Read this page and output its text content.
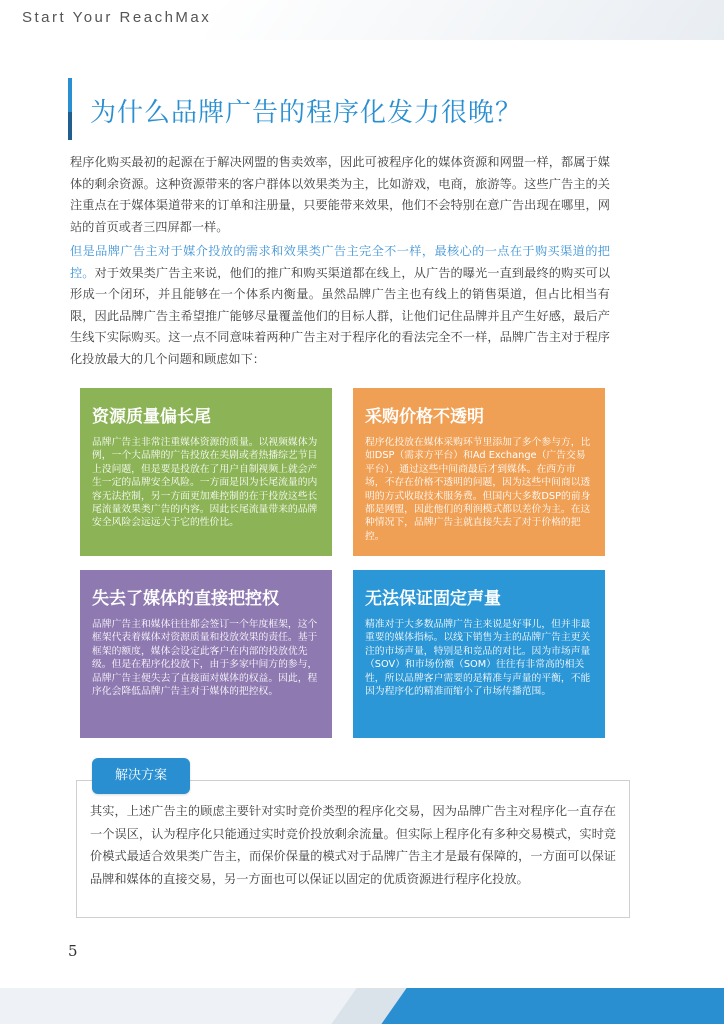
Start Your ReachMax
为什么品牌广告的程序化发力很晚？

程序化购买最初的起源在于解决网盟的售卖效率，因此可被程序化的媒体资源和网盟一样，都属于媒体的剩余资源。这种资源带来的客户群体以效果类为主，比如游戏，电商，旅游等。这些广告主的关注重点在于媒体渠道带来的订单和注册量，只要能带来效果，他们不会特别在意广告出现在哪里，网站的首页或者三四屏都一样。

但是品牌广告主对于媒介投放的需求和效果类广告主完全不一样，最核心的一点在于购买渠道的把控。对于效果类广告主来说，他们的推广和购买渠道都在线上，从广告的曝光一直到最终的购买可以形成一个闭环，并且能够在一个体系内衡量。虽然品牌广告主也有线上的销售渠道，但占比相当有限，因此品牌广告主希望推广能够尽量覆盖他们的目标人群，让他们记住品牌并且产生好感，最后产生线下实际购买。这一点不同意味着两种广告主对于程序化的看法完全不一样，品牌广告主对于程序化投放最大的几个问题和顾虑如下：

资源质量偏长尾

品牌广告主非常注重媒体资源的质量。以视频媒体为例，一个大品牌的广告投放在美剧或者热播综艺节目上没问题，但是要是投放在了用户自制视频上就会产生一定的品牌安全风险。一方面是因为长尾流量的内容无法控制，另一方面更加难控制的在于投放这些长尾流量效果类广告的内容。因此长尾流量带来的品牌安全风险会远远大于它的性价比。

采购价格不透明

程序化投放在媒体采购环节里添加了多个参与方，比如DSP（需求方平台）和Ad Exchange（广告交易平台），通过这些中间商最后才到媒体。在西方市场，不存在价格不透明的问题，因为这些中间商以透明的方式收取技术服务费。但国内大多数DSP的前身都是网盟，因此他们的利润模式都以差价为主。在这种情况下，品牌广告主就直接失去了对于价格的把控。

失去了媒体的直接把控权

品牌广告主和媒体往往都会签订一个年度框架，这个框架代表着媒体对资源质量和投放效果的责任。基于框架的额度，媒体会设定此客户在内部的投放优先级。但是在程序化投放下，由于多家中间方的参与，品牌广告主便失去了直接面对媒体的权益。因此，程序化会降低品牌广告主对于媒体的把控权。

无法保证固定声量

精准对于大多数品牌广告主来说是好事儿，但并非最重要的媒体指标。以线下销售为主的品牌广告主更关注的市场声量，特别是和竞品的对比。因为市场声量（SOV）和市场份额（SOM）往往有非常高的相关性，所以品牌客户需要的是精准与声量的平衡，不能因为程序化的精准而缩小了市场传播范围。

解决方案

其实，上述广告主的顾虑主要针对实时竞价类型的程序化交易，因为品牌广告主对程序化一直存在一个误区，认为程序化只能通过实时竞价投放剩余流量。但实际上程序化有多种交易模式，实时竞价模式最适合效果类广告主，而保价保量的模式对于品牌广告主才是最有保障的，一方面可以保证品牌和媒体的直接交易，另一方面也可以保证以固定的优质资源进行程序化投放。

5
